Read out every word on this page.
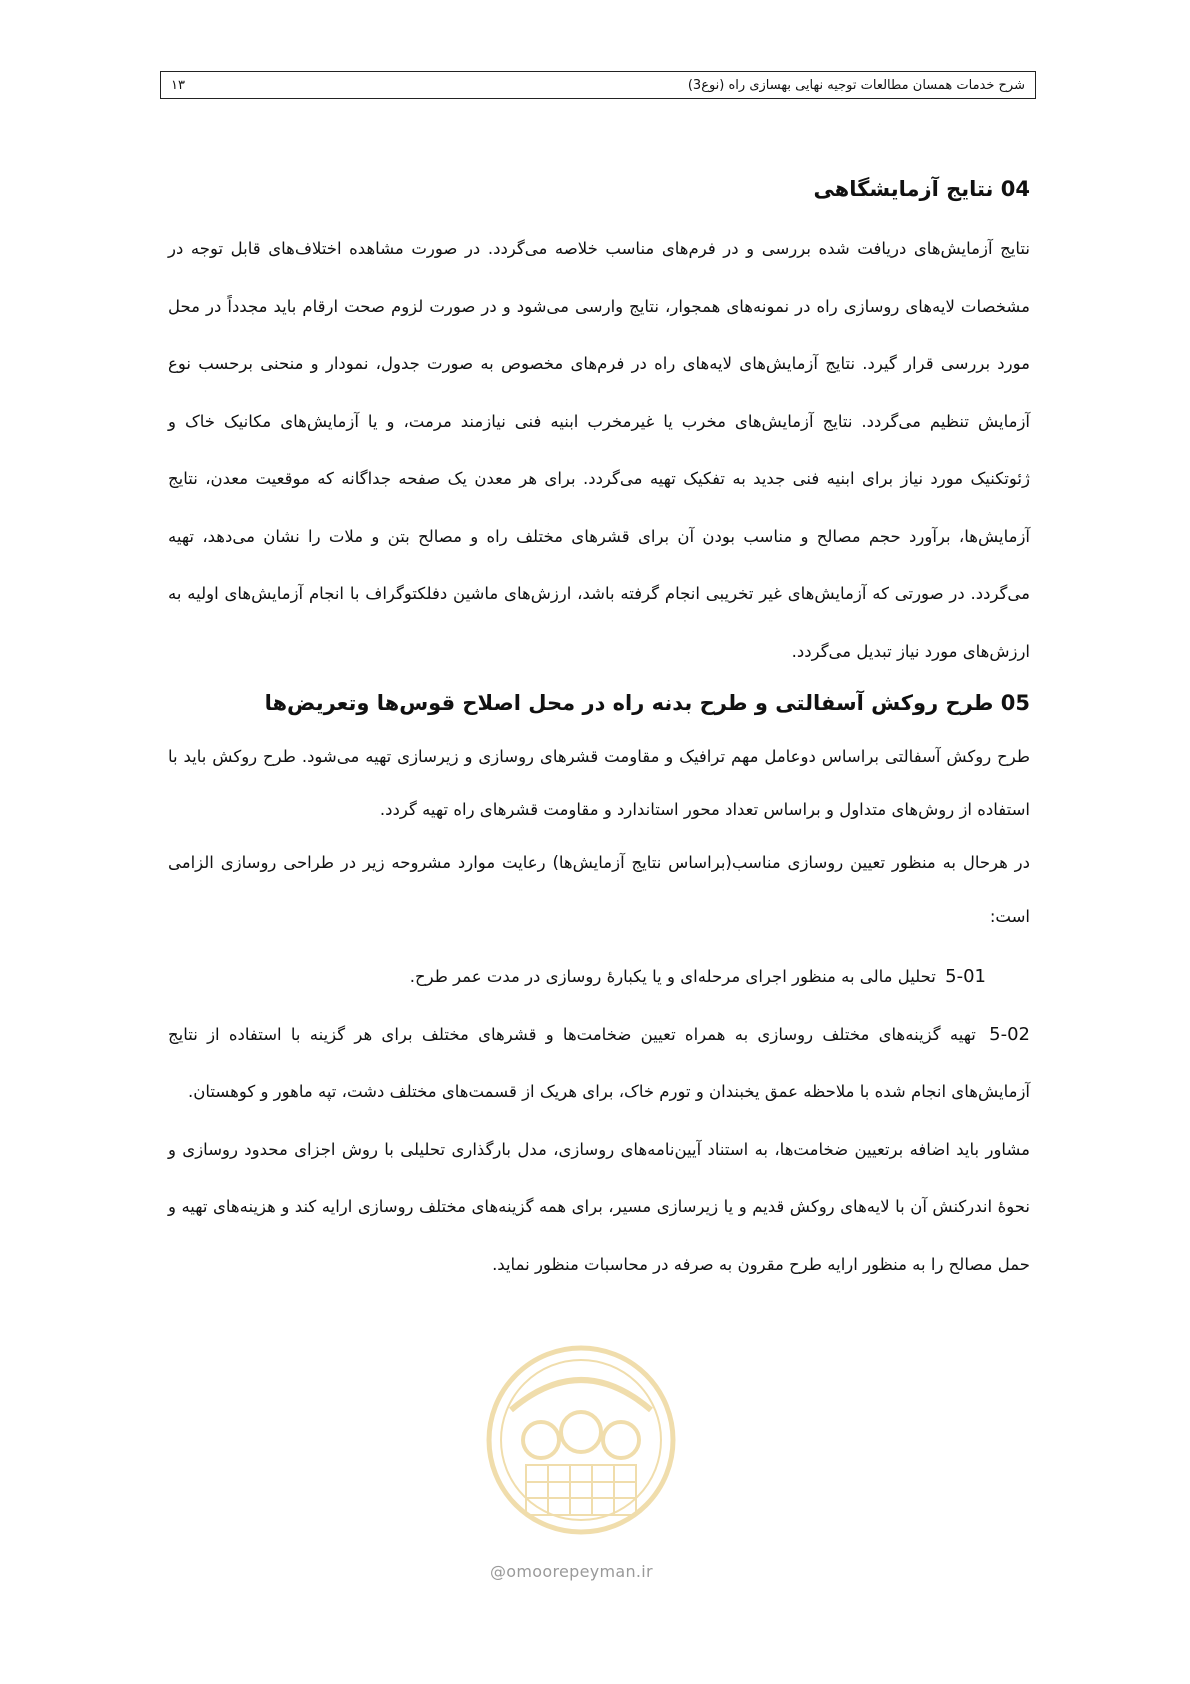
شرح خدمات همسان مطالعات توجیه نهایی بهسازی راه (نوع3)
۱۳
04 نتایج آزمایشگاهی

نتایج آزمایش‌های دریافت شده بررسی و در فرم‌های مناسب خلاصه می‌گردد. در صورت مشاهده اختلاف‌های قابل توجه در مشخصات لایه‌های روسازی راه در نمونه‌های همجوار، نتایج وارسی می‌شود و در صورت لزوم صحت ارقام باید مجدداً در محل مورد بررسی قرار گیرد. نتایج آزمایش‌های لایه‌های راه در فرم‌های مخصوص به صورت جدول، نمودار و منحنی برحسب نوع آزمایش تنظیم می‌گردد. نتایج آزمایش‌های مخرب یا غیرمخرب ابنیه فنی نیازمند مرمت، و یا آزمایش‌های مکانیک خاک و ژئوتکنیک مورد نیاز برای ابنیه فنی جدید به تفکیک تهیه می‌گردد. برای هر معدن یک صفحه جداگانه که موقعیت معدن، نتایج آزمایش‌ها، برآورد حجم مصالح و مناسب بودن آن برای قشرهای مختلف راه و مصالح بتن و ملات را نشان می‌دهد، تهیه می‌گردد. در صورتی که آزمایش‌های غیر تخریبی انجام گرفته باشد، ارزش‌های ماشین دفلکتوگراف با انجام آزمایش‌های اولیه به ارزش‌های مورد نیاز تبدیل می‌گردد.

05 طرح روکش آسفالتی و طرح بدنه راه در محل اصلاح قوس‌ها وتعریض‌ها

طرح روکش آسفالتی براساس دوعامل مهم ترافیک و مقاومت قشرهای روسازی و زیرسازی تهیه می‌شود. طرح روکش باید با استفاده از روش‌های متداول و براساس تعداد محور استاندارد و مقاومت قشرهای راه تهیه گردد.

در هرحال به منظور تعیین روسازی مناسب(براساس نتایج آزمایش‌ها) رعایت موارد مشروحه زیر در طراحی روسازی الزامی است:

5-01 تحلیل مالی به منظور اجرای مرحله‌ای و یا یکبارۀ روسازی در مدت عمر طرح.

5-02 تهیه گزینه‌های مختلف روسازی به همراه تعیین ضخامت‌ها و قشرهای مختلف برای هر گزینه با استفاده از نتایج آزمایش‌های انجام شده با ملاحظه عمق یخبندان و تورم خاک، برای هریک از قسمت‌های مختلف دشت، تپه ماهور و کوهستان.

مشاور باید اضافه برتعیین ضخامت‌ها، به استناد آیین‌نامه‌های روسازی، مدل بارگذاری تحلیلی با روش اجزای محدود روسازی و نحوۀ اندرکنش آن با لایه‌های روکش قدیم و یا زیرسازی مسیر، برای همه گزینه‌های مختلف روسازی ارایه کند و هزینه‌های تهیه و حمل مصالح را به منظور ارایه طرح مقرون به صرفه در محاسبات منظور نماید.

@omoorepeyman.ir
